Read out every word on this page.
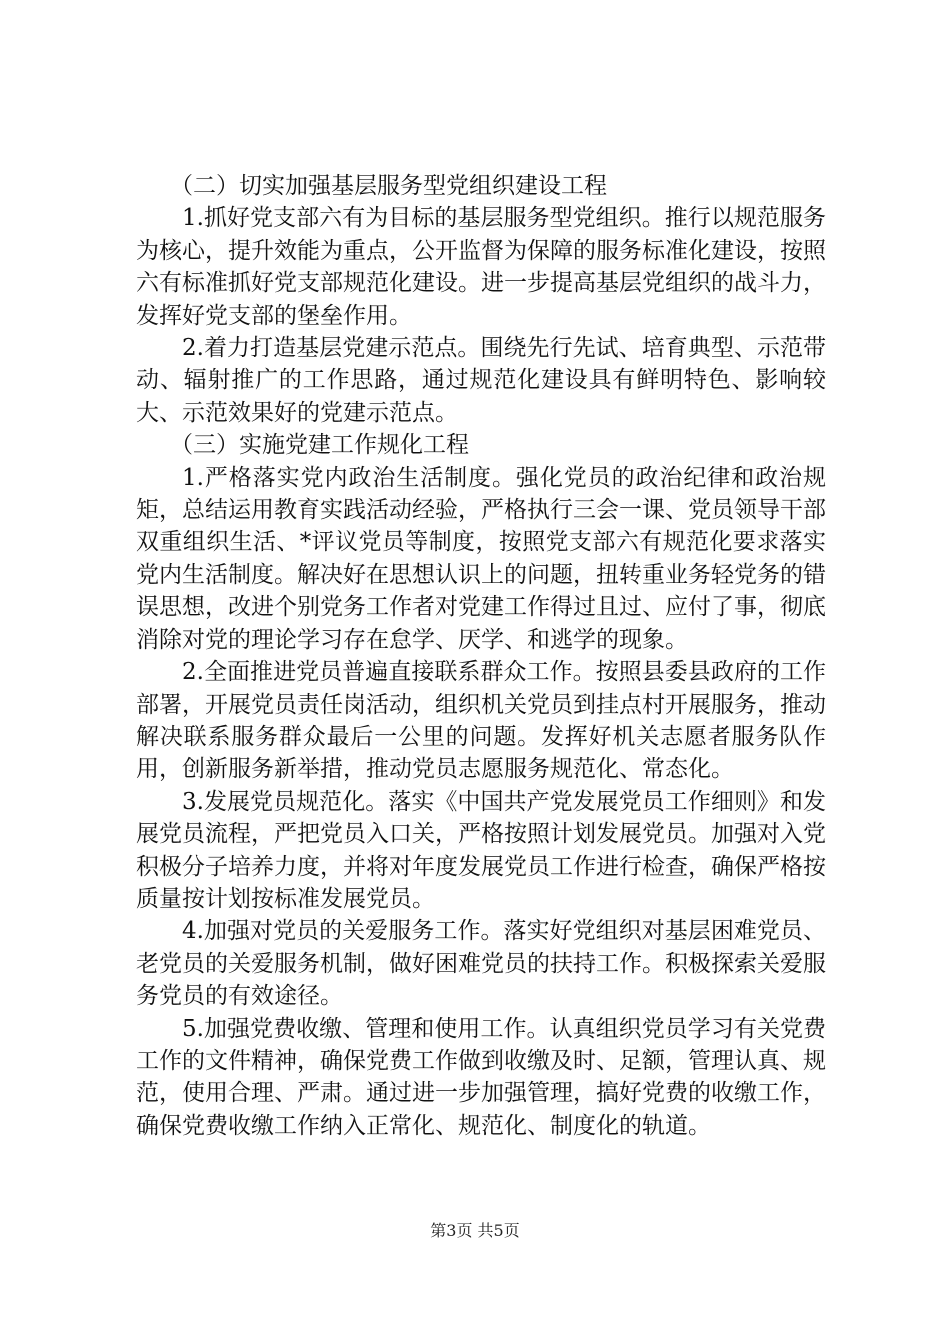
（二）切实加强基层服务型党组织建设工程

1.抓好党支部六有为目标的基层服务型党组织。推行以规范服务为核心，提升效能为重点，公开监督为保障的服务标准化建设，按照六有标准抓好党支部规范化建设。进一步提高基层党组织的战斗力，发挥好党支部的堡垒作用。

2.着力打造基层党建示范点。围绕先行先试、培育典型、示范带动、辐射推广的工作思路，通过规范化建设具有鲜明特色、影响较大、示范效果好的党建示范点。

（三）实施党建工作规化工程

1.严格落实党内政治生活制度。强化党员的政治纪律和政治规矩，总结运用教育实践活动经验，严格执行三会一课、党员领导干部双重组织生活、*评议党员等制度，按照党支部六有规范化要求落实党内生活制度。解决好在思想认识上的问题，扭转重业务轻党务的错误思想，改进个别党务工作者对党建工作得过且过、应付了事，彻底消除对党的理论学习存在怠学、厌学、和逃学的现象。

2.全面推进党员普遍直接联系群众工作。按照县委县政府的工作部署，开展党员责任岗活动，组织机关党员到挂点村开展服务，推动解决联系服务群众最后一公里的问题。发挥好机关志愿者服务队作用，创新服务新举措，推动党员志愿服务规范化、常态化。

3.发展党员规范化。落实《中国共产党发展党员工作细则》和发展党员流程，严把党员入口关，严格按照计划发展党员。加强对入党积极分子培养力度，并将对年度发展党员工作进行检查，确保严格按质量按计划按标准发展党员。

4.加强对党员的关爱服务工作。落实好党组织对基层困难党员、老党员的关爱服务机制，做好困难党员的扶持工作。积极探索关爱服务党员的有效途径。

5.加强党费收缴、管理和使用工作。认真组织党员学习有关党费工作的文件精神，确保党费工作做到收缴及时、足额，管理认真、规范，使用合理、严肃。通过进一步加强管理，搞好党费的收缴工作，确保党费收缴工作纳入正常化、规范化、制度化的轨道。

第3页 共5页
